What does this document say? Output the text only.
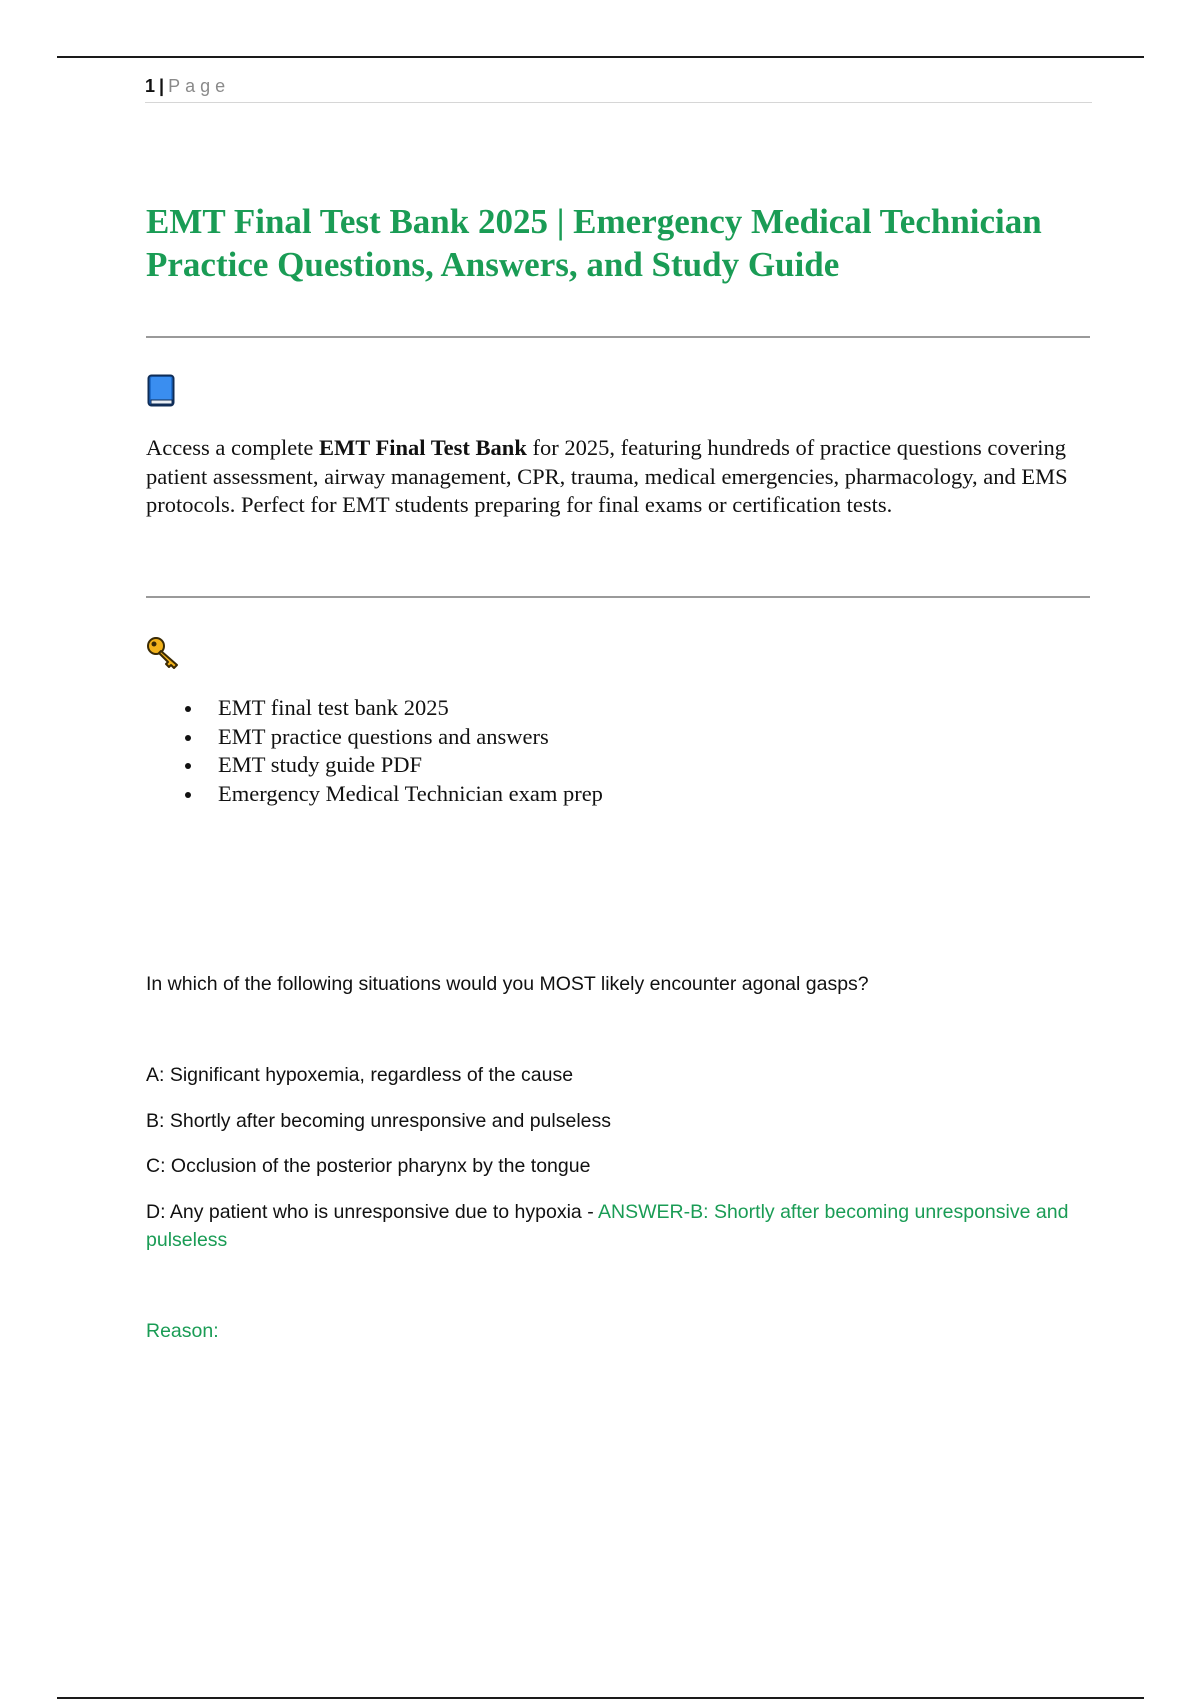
1 | Page
EMT Final Test Bank 2025 | Emergency Medical Technician Practice Questions, Answers, and Study Guide

Access a complete EMT Final Test Bank for 2025, featuring hundreds of practice questions covering patient assessment, airway management, CPR, trauma, medical emergencies, pharmacology, and EMS protocols. Perfect for EMT students preparing for final exams or certification tests.

EMT final test bank 2025
EMT practice questions and answers
EMT study guide PDF
Emergency Medical Technician exam prep

In which of the following situations would you MOST likely encounter agonal gasps?

A: Significant hypoxemia, regardless of the cause

B: Shortly after becoming unresponsive and pulseless

C: Occlusion of the posterior pharynx by the tongue

D: Any patient who is unresponsive due to hypoxia - ANSWER-B: Shortly after becoming unresponsive and pulseless

Reason:
